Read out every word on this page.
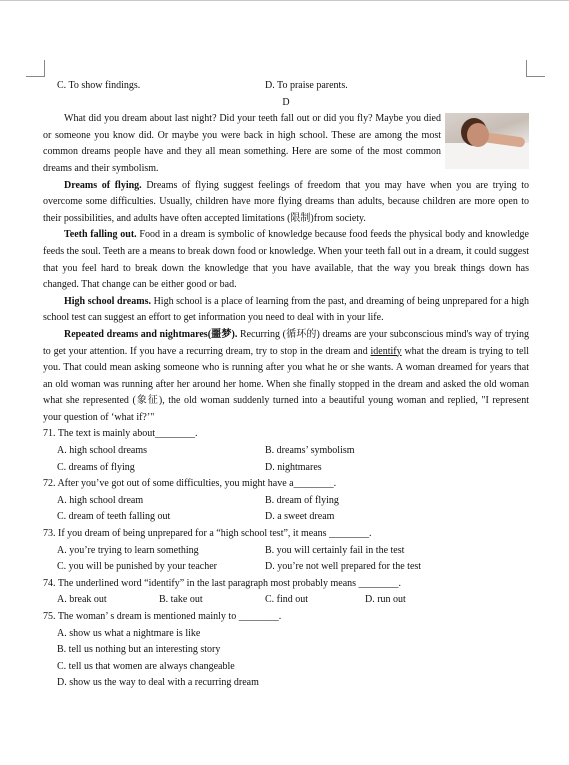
C. To show findings.	D. To praise parents.
D

What did you dream about last night? Did your teeth fall out or did you fly? Maybe you died or someone you know did. Or maybe you were back in high school. These are among the most common dreams people have and they all mean something. Here are some of the most common dreams and their symbolism.

Dreams of flying. Dreams of flying suggest feelings of freedom that you may have when you are trying to overcome some difficulties. Usually, children have more flying dreams than adults, because children are more open to their possibilities, and adults have often accepted limitations (限制)from society.

Teeth falling out. Food in a dream is symbolic of knowledge because food feeds the physical body and knowledge feeds the soul. Teeth are a means to break down food or knowledge. When your teeth fall out in a dream, it could suggest that you feel hard to break down the knowledge that you have available, that the way you break things down has changed. That change can be either good or bad.

High school dreams. High school is a place of learning from the past, and dreaming of being unprepared for a high school test can suggest an effort to get information you need to deal with in your life.

Repeated dreams and nightmares(噩梦). Recurring (循环的) dreams are your subconscious mind's way of trying to get your attention. If you have a recurring dream, try to stop in the dream and identify what the dream is trying to tell you. That could mean asking someone who is running after you what he or she wants. A woman dreamed for years that an old woman was running after her around her home. When she finally stopped in the dream and asked the old woman what she represented (象征), the old woman suddenly turned into a beautiful young woman and replied, "I represent your question of ‘what if?’"

71. The text is mainly about________.
A. high school dreams	B. dreams’ symbolism
C. dreams of flying	D. nightmares
72. After you’ve got out of some difficulties, you might have a________.
A. high school dream	B. dream of flying
C. dream of teeth falling out	D. a sweet dream
73. If you dream of being unprepared for a “high school test”, it means ________.
A. you’re trying to learn something	B. you will certainly fail in the test
C. you will be punished by your teacher	D. you’re not well prepared for the test
74. The underlined word “identify” in the last paragraph most probably means ________.
A. break out	B. take out	C. find out	D. run out
75. The woman’ s dream is mentioned mainly to ________.
A. show us what a nightmare is like
B. tell us nothing but an interesting story
C. tell us that women are always changeable
D. show us the way to deal with a recurring dream
